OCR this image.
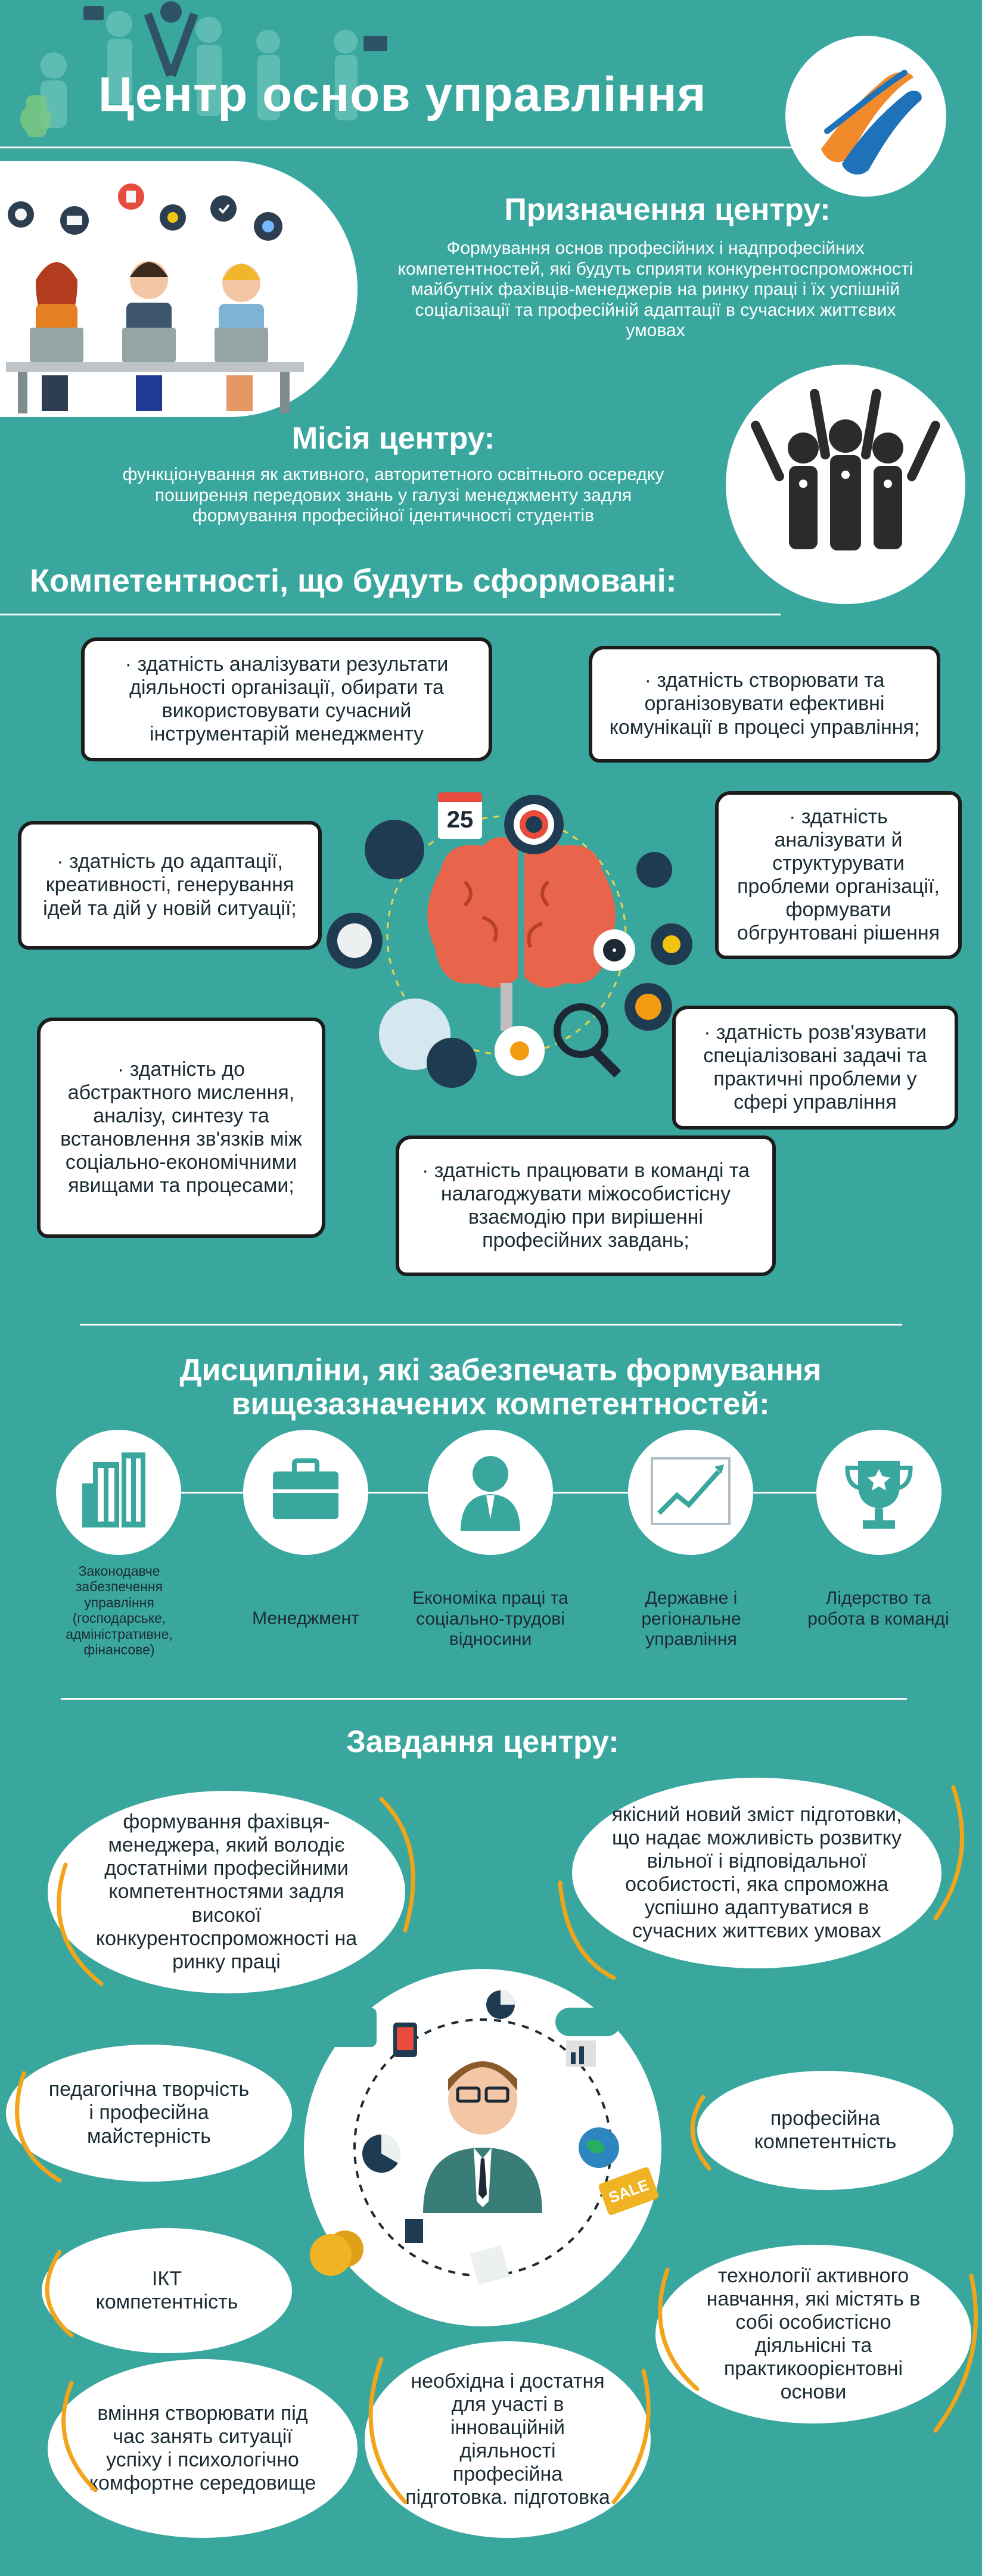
Центр основ управління
Призначення центру:
Формування основ професійних і надпрофесійних компетентностей, які будуть сприяти конкурентоспроможності майбутніх фахівців-менеджерів на ринку праці і їх успішній соціалізації та професійній адаптації в сучасних життєвих умовах
Місія центру:
функціонування як активного, авторитетного освітнього осередку поширення передових знань у галузі менеджменту задля формування професійної ідентичності студентів
Компетентності, що будуть сформовані:
25
· здатність аналізувати результати діяльності організації, обирати та використовувати сучасний інструментарій менеджменту
· здатність створювати та організовувати ефективні комунікації в процесі управління;
· здатність до адаптації, креативності, генерування ідей та дій у новій ситуації;
· здатність аналізувати й структурувати проблеми організації, формувати обгрунтовані рішення
· здатність до абстрактного мислення, аналізу, синтезу та встановлення зв'язків між соціально-економічними явищами та процесами;
· здатність розв'язувати спеціалізовані задачі та практичні проблеми у сфері управління
· здатність працювати в команді та налагоджувати міжособистісну взаємодію при вирішенні професійних завдань;
Дисципліни, які забезпечать формування
вищезазначених компетентностей:
Законодавче забезпечення управління (господарське, адміністративне, фінансове)
Менеджмент
Економіка праці та соціально-трудові відносини
Державне і регіональне управління
Лідерство та робота в команді
Завдання центру:
SALE
формування фахівця-менеджера, який володіє достатніми професійними компетентностями задля високої конкурентоспроможності на ринку праці
якісний новий зміст підготовки, що надає можливість розвитку вільної і відповідальної особистості, яка спроможна успішно адаптуватися в сучасних життєвих умовах
педагогічна творчість і професійна майстерність
професійна компетентність
ІКТ компетентність
технології активного навчання, які містять в собі особистісно діяльнісні та практикоорієнтовні основи
вміння створювати під час занять ситуації успіху і психологічно комфортне середовище
необхідна і достатня для участі в інноваційній діяльності професійна підготовка. підготовка
